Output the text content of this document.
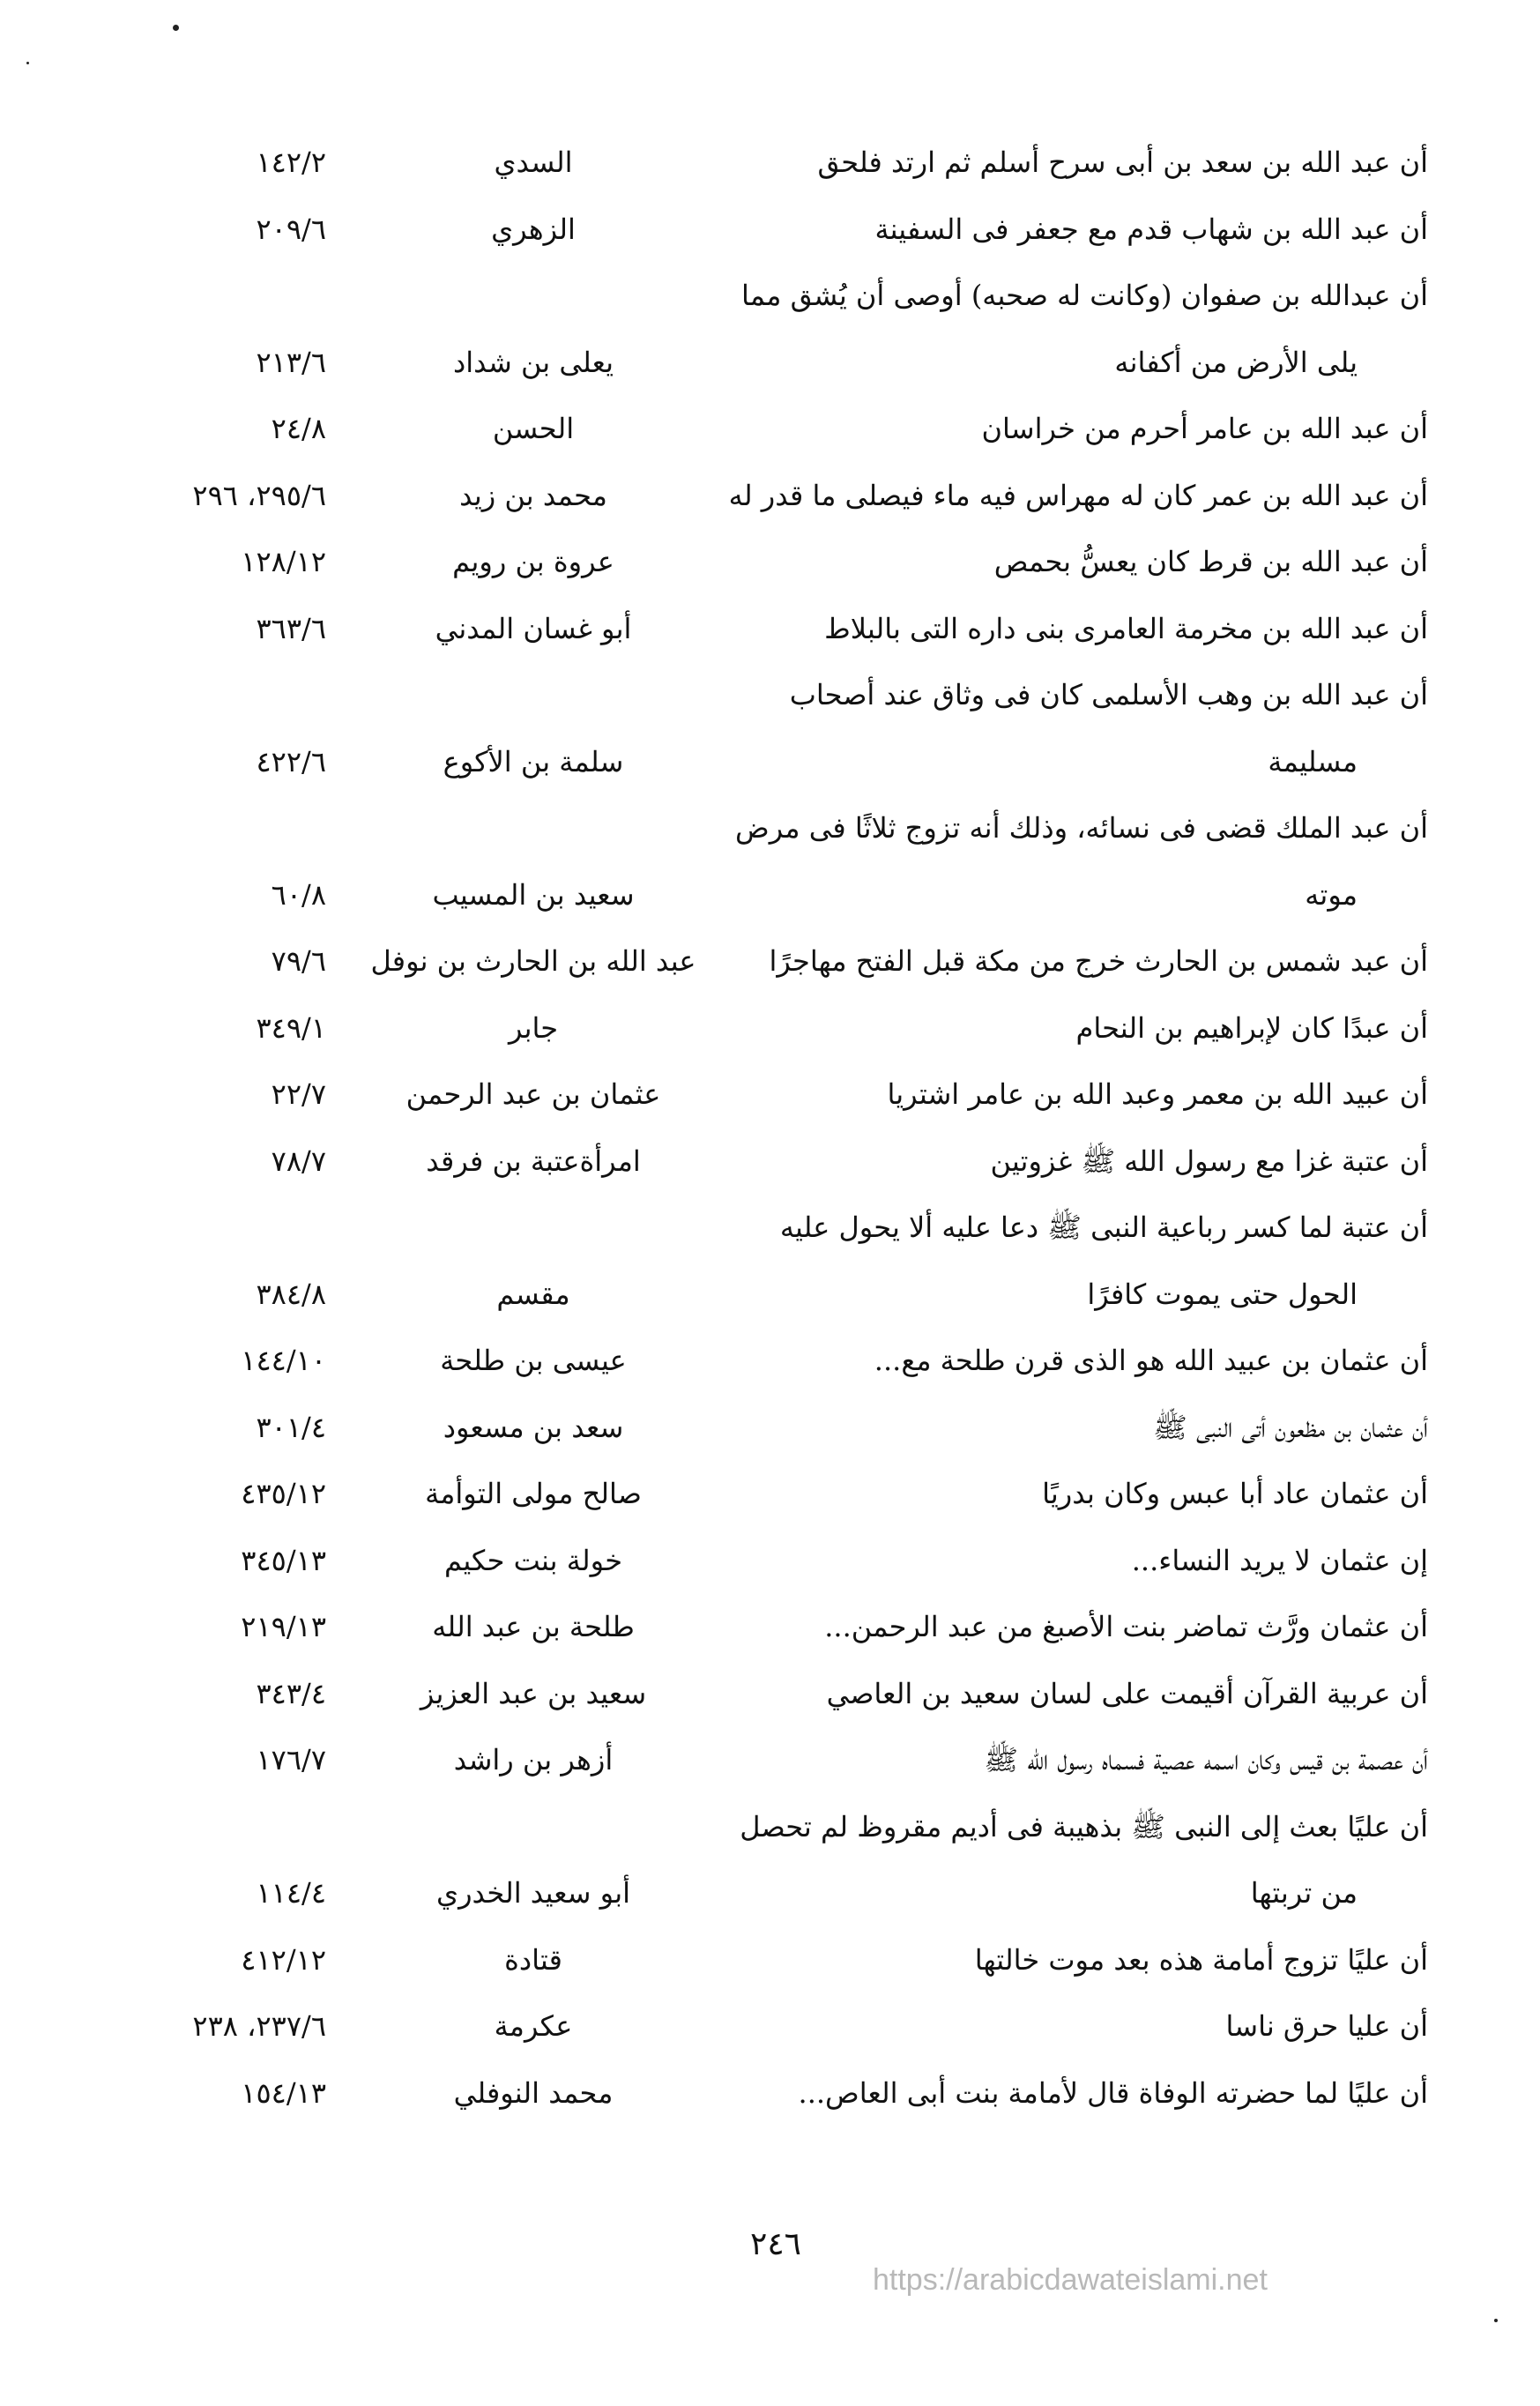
أن عبد الله بن سعد بن أبى سرح أسلم ثم ارتد فلحق
السدي
١٤٢/٢
أن عبد الله بن شهاب قدم مع جعفر فى السفينة
الزهري
٢٠٩/٦
أن عبدالله بن صفوان (وكانت له صحبه) أوصى أن يُشق مما
يلى الأرض من أكفانه
يعلى بن شداد
٢١٣/٦
أن عبد الله بن عامر أحرم من خراسان
الحسن
٢٤/٨
أن عبد الله بن عمر كان له مهراس فيه ماء فيصلى ما قدر له
محمد بن زيد
٢٩٥/٦، ٢٩٦
أن عبد الله بن قرط كان يعسُّ بحمص
عروة بن رويم
١٢٨/١٢
أن عبد الله بن مخرمة العامرى بنى داره التى بالبلاط
أبو غسان المدني
٣٦٣/٦
أن عبد الله بن وهب الأسلمى كان فى وثاق عند أصحاب
مسليمة
سلمة بن الأكوع
٤٢٢/٦
أن عبد الملك قضى فى نسائه، وذلك أنه تزوج ثلاثًا فى مرض
موته
سعيد بن المسيب
٦٠/٨
أن عبد شمس بن الحارث خرج من مكة قبل الفتح مهاجرًا
عبد الله بن الحارث بن نوفل
٧٩/٦
أن عبدًا كان لإبراهيم بن النحام
جابر
٣٤٩/١
أن عبيد الله بن معمر وعبد الله بن عامر اشتريا
عثمان بن عبد الرحمن
٢٢/٧
أن عتبة غزا مع رسول الله ﷺ غزوتين
امرأةعتبة بن فرقد
٧٨/٧
أن عتبة لما كسر رباعية النبى ﷺ دعا عليه ألا يحول عليه
الحول حتى يموت كافرًا
مقسم
٣٨٤/٨
أن عثمان بن عبيد الله هو الذى قرن طلحة مع...
عيسى بن طلحة
١٤٤/١٠
أن عثمان بن مظعون أتى النبى ﷺ
سعد بن مسعود
٣٠١/٤
أن عثمان عاد أبا عبس وكان بدريًا
صالح مولى التوأمة
٤٣٥/١٢
إن عثمان لا يريد النساء...
خولة بنت حكيم
٣٤٥/١٣
أن عثمان ورَّث تماضر بنت الأصبغ من عبد الرحمن...
طلحة بن عبد الله
٢١٩/١٣
أن عربية القرآن أقيمت على لسان سعيد بن العاصي
سعيد بن عبد العزيز
٣٤٣/٤
أن عصمة بن قيس وكان اسمه عصية فسماه رسول الله ﷺ
أزهر بن راشد
١٧٦/٧
أن عليًا بعث إلى النبى ﷺ بذهيبة فى أديم مقروظ لم تحصل
من تربتها
أبو سعيد الخدري
١١٤/٤
أن عليًا تزوج أمامة هذه بعد موت خالتها
قتادة
٤١٢/١٢
أن عليا حرق ناسا
عكرمة
٢٣٧/٦، ٢٣٨
أن عليًا لما حضرته الوفاة قال لأمامة بنت أبى العاص...
محمد النوفلي
١٥٤/١٣
٢٤٦
https://arabicdawateislami.net
